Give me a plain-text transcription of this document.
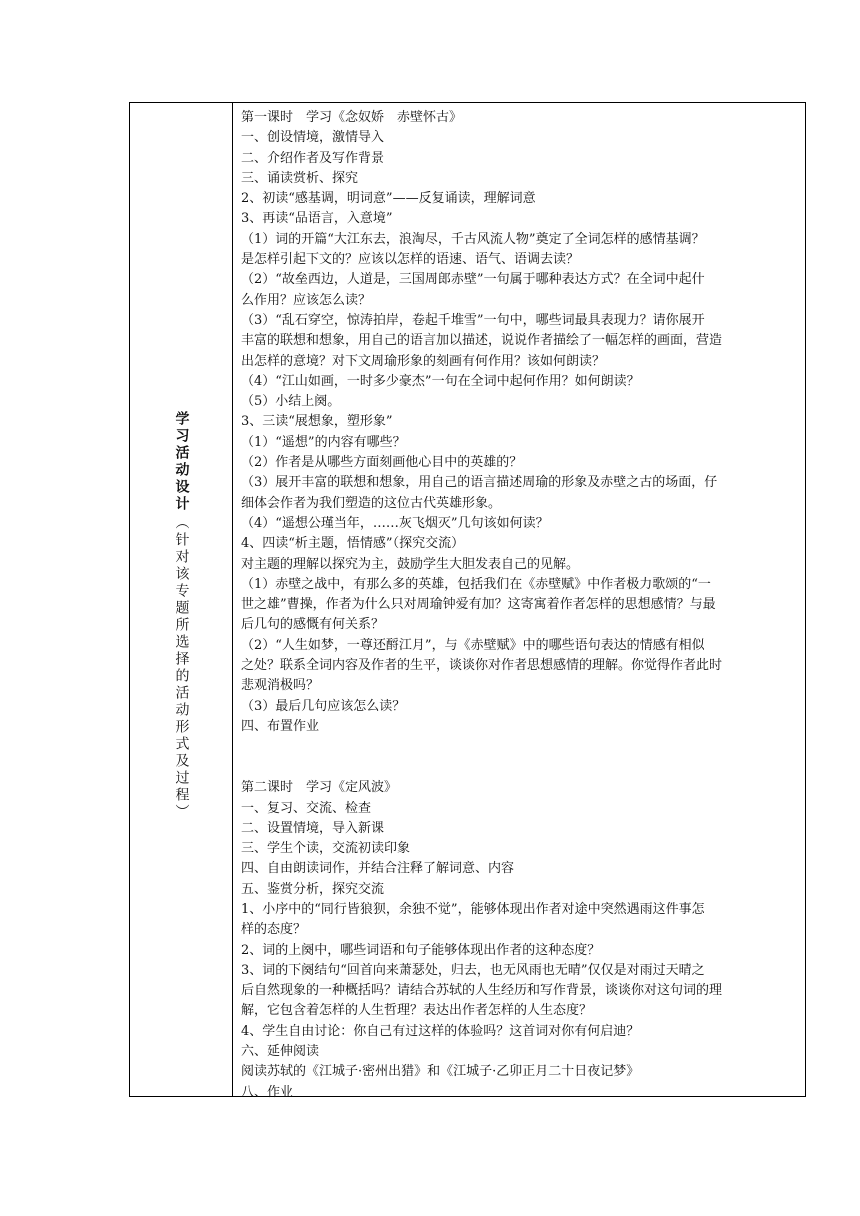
学习活动设计
（针对该专题所选择的活动形式及过程）
第一课时　学习《念奴娇　赤壁怀古》
一、创设情境，激情导入
二、介绍作者及写作背景
三、诵读赏析、探究
2、初读“感基调，明词意”——反复诵读，理解词意
3、再读“品语言，入意境”
（1）词的开篇“大江东去，浪淘尽，千古风流人物”奠定了全词怎样的感情基调？
是怎样引起下文的？应该以怎样的语速、语气、语调去读？
（2）“故垒西边，人道是，三国周郎赤壁”一句属于哪种表达方式？在全词中起什
么作用？应该怎么读？
（3）“乱石穿空，惊涛拍岸，卷起千堆雪”一句中，哪些词最具表现力？请你展开
丰富的联想和想象，用自己的语言加以描述，说说作者描绘了一幅怎样的画面，营造
出怎样的意境？对下文周瑜形象的刻画有何作用？该如何朗读？
（4）“江山如画，一时多少豪杰”一句在全词中起何作用？如何朗读？
（5）小结上阕。
3、三读“展想象，塑形象”
（1）“遥想”的内容有哪些？
（2）作者是从哪些方面刻画他心目中的英雄的？
（3）展开丰富的联想和想象，用自己的语言描述周瑜的形象及赤壁之古的场面，仔
细体会作者为我们塑造的这位古代英雄形象。
（4）“遥想公瑾当年，……灰飞烟灭”几句该如何读？
4、四读“析主题，悟情感”（探究交流）
对主题的理解以探究为主，鼓励学生大胆发表自己的见解。
（1）赤壁之战中，有那么多的英雄，包括我们在《赤壁赋》中作者极力歌颂的“一
世之雄”曹操，作者为什么只对周瑜钟爱有加？这寄寓着作者怎样的思想感情？与最
后几句的感慨有何关系？
（2）“人生如梦，一尊还酹江月”，与《赤壁赋》中的哪些语句表达的情感有相似
之处？联系全词内容及作者的生平，谈谈你对作者思想感情的理解。你觉得作者此时
悲观消极吗？
（3）最后几句应该怎么读？
四、布置作业
第二课时　学习《定风波》
一、复习、交流、检查
二、设置情境，导入新课
三、学生个读，交流初读印象
四、自由朗读词作，并结合注释了解词意、内容
五、鉴赏分析，探究交流
1、小序中的“同行皆狼狈，余独不觉”，能够体现出作者对途中突然遇雨这件事怎
样的态度？
2、词的上阕中，哪些词语和句子能够体现出作者的这种态度？
3、词的下阕结句“回首向来萧瑟处，归去，也无风雨也无晴”仅仅是对雨过天晴之
后自然现象的一种概括吗？请结合苏轼的人生经历和写作背景，谈谈你对这句词的理
解，它包含着怎样的人生哲理？表达出作者怎样的人生态度？
4、学生自由讨论：你自己有过这样的体验吗？这首词对你有何启迪？
六、延伸阅读
阅读苏轼的《江城子·密州出猎》和《江城子·乙卯正月二十日夜记梦》
八、作业
